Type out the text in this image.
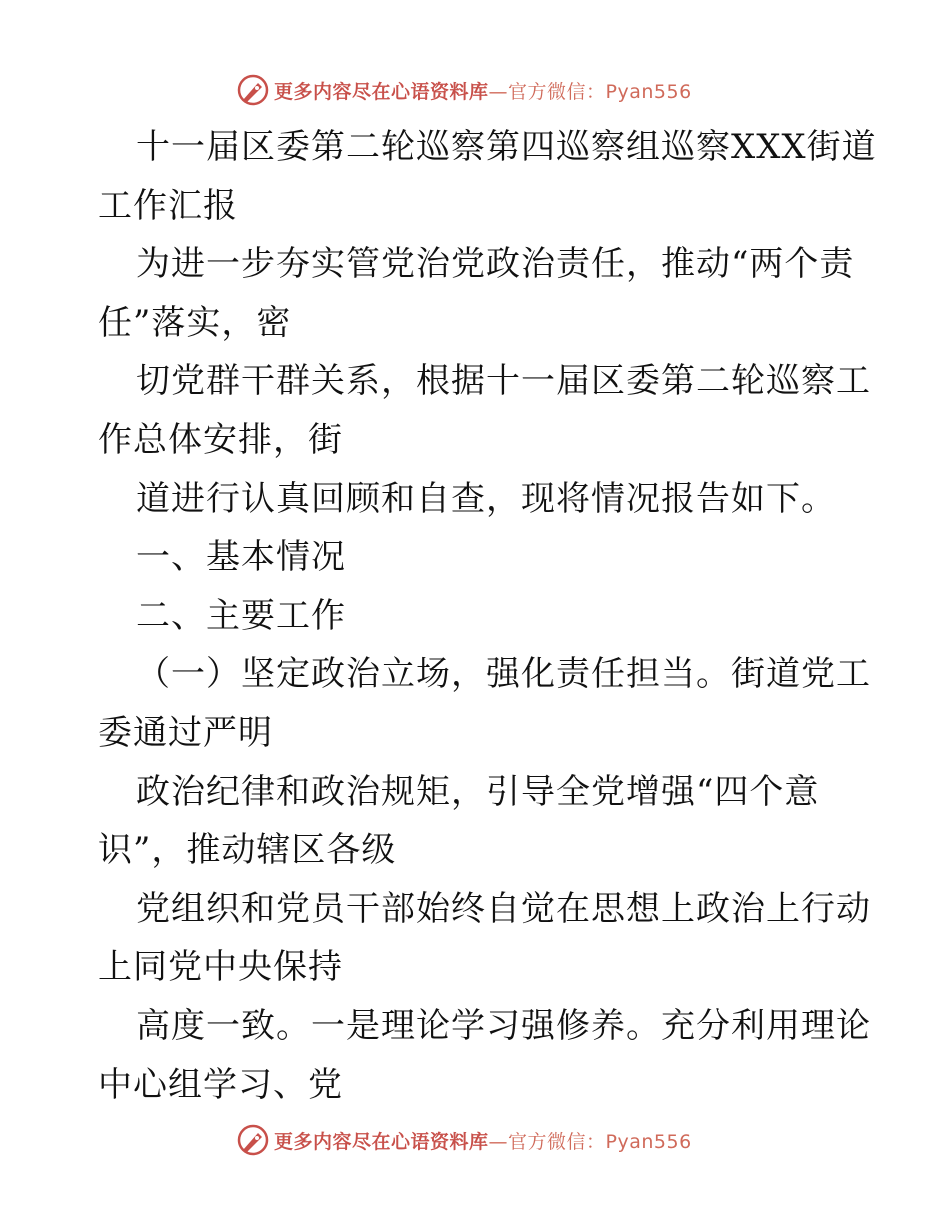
更多内容尽在心语资料库—官方微信：Pyan556
十一届区委第二轮巡察第四巡察组巡察XXX街道
工作汇报
为进一步夯实管党治党政治责任，推动“两个责
任”落实，密
切党群干群关系，根据十一届区委第二轮巡察工
作总体安排，街
道进行认真回顾和自查，现将情况报告如下。
一、基本情况
二、主要工作
（一）坚定政治立场，强化责任担当。街道党工
委通过严明
政治纪律和政治规矩，引导全党增强“四个意
识”，推动辖区各级
党组织和党员干部始终自觉在思想上政治上行动
上同党中央保持
高度一致。一是理论学习强修养。充分利用理论
中心组学习、党
更多内容尽在心语资料库—官方微信：Pyan556
